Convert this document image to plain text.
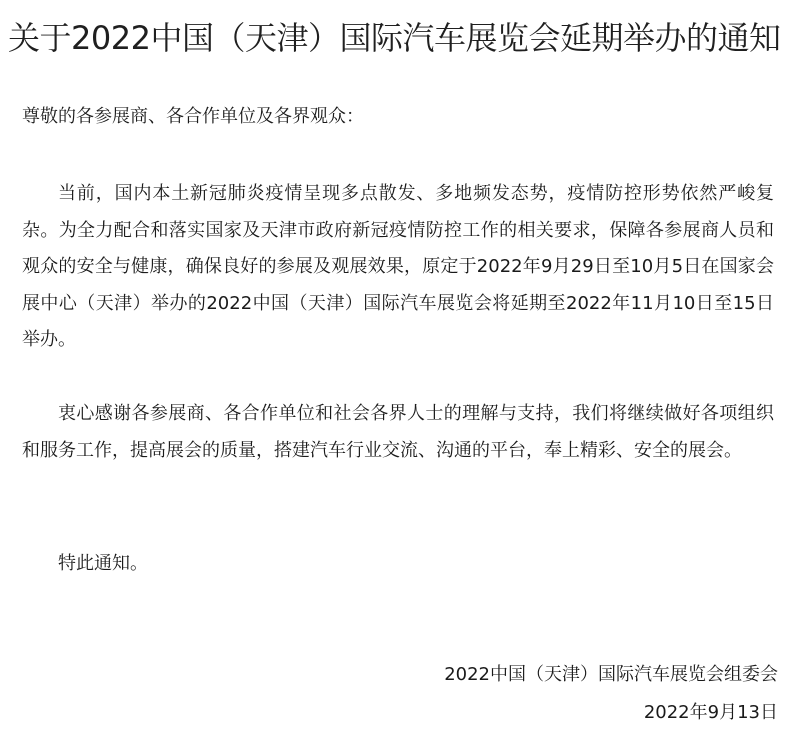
关于2022中国（天津）国际汽车展览会延期举办的通知

尊敬的各参展商、各合作单位及各界观众：

当前，国内本土新冠肺炎疫情呈现多点散发、多地频发态势，疫情防控形势依然严峻复杂。为全力配合和落实国家及天津市政府新冠疫情防控工作的相关要求，保障各参展商人员和观众的安全与健康，确保良好的参展及观展效果，原定于2022年9月29日至10月5日在国家会展中心（天津）举办的2022中国（天津）国际汽车展览会将延期至2022年11月10日至15日举办。

衷心感谢各参展商、各合作单位和社会各界人士的理解与支持，我们将继续做好各项组织和服务工作，提高展会的质量，搭建汽车行业交流、沟通的平台，奉上精彩、安全的展会。

特此通知。

2022中国（天津）国际汽车展览会组委会
2022年9月13日
